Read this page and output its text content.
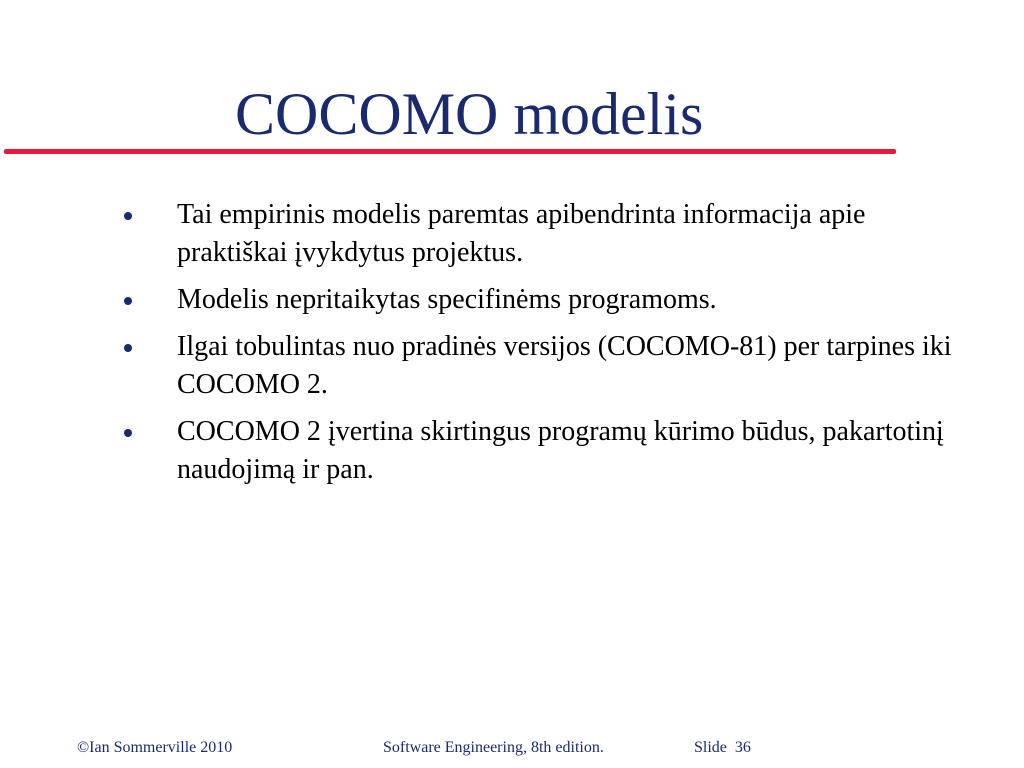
COCOMO modelis
Tai empirinis modelis paremtas apibendrinta informacija apie praktiškai įvykdytus projektus.
Modelis nepritaikytas specifinėms programoms.
Ilgai tobulintas nuo pradinės versijos (COCOMO-81) per tarpines iki COCOMO 2.
COCOMO 2 įvertina skirtingus programų kūrimo būdus, pakartotinį naudojimą ir pan.
©Ian Sommerville 2010	Software Engineering, 8th edition.	Slide 36
